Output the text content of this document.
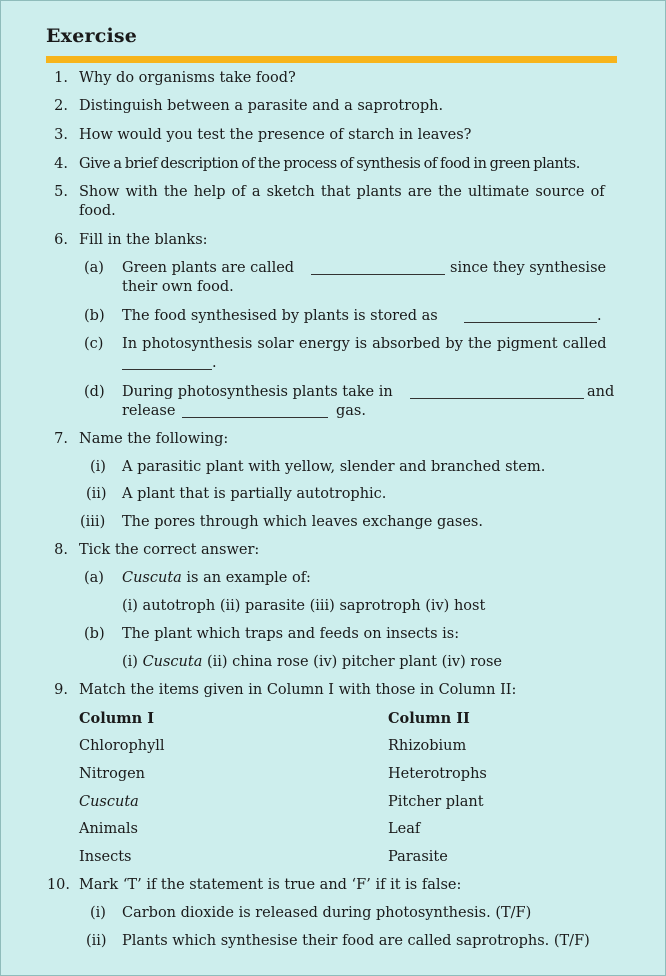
Exercise
1. Why do organisms take food?
2. Distinguish between a parasite and a saprotroph.
3. How would you test the presence of starch in leaves?
4. Give a brief description of the process of synthesis of food in green plants.
5. Show with the help of a sketch that plants are the ultimate source of
food.
6. Fill in the blanks:
(a) Green plants are called	since they synthesise
their own food.
(b) The food synthesised by plants is stored as	.
(c) In photosynthesis solar energy is absorbed by the pigment called
.
(d) During photosynthesis plants take in	and
release	gas.
7. Name the following:
(i) A parasitic plant with yellow, slender and branched stem.
(ii) A plant that is partially autotrophic.
(iii) The pores through which leaves exchange gases.
8. Tick the correct answer:
(a) Cuscuta is an example of:
(i) autotroph (ii) parasite (iii) saprotroph (iv) host
(b) The plant which traps and feeds on insects is:
(i) Cuscuta (ii) china rose (iv) pitcher plant (iv) rose
9. Match the items given in Column I with those in Column II:
Column I	Column II
Chlorophyll	Rhizobium
Nitrogen	Heterotrophs
Cuscuta	Pitcher plant
Animals	Leaf
Insects	Parasite
10. Mark ‘T’ if the statement is true and ‘F’ if it is false:
(i) Carbon dioxide is released during photosynthesis. (T/F)
(ii) Plants which synthesise their food are called saprotrophs. (T/F)
